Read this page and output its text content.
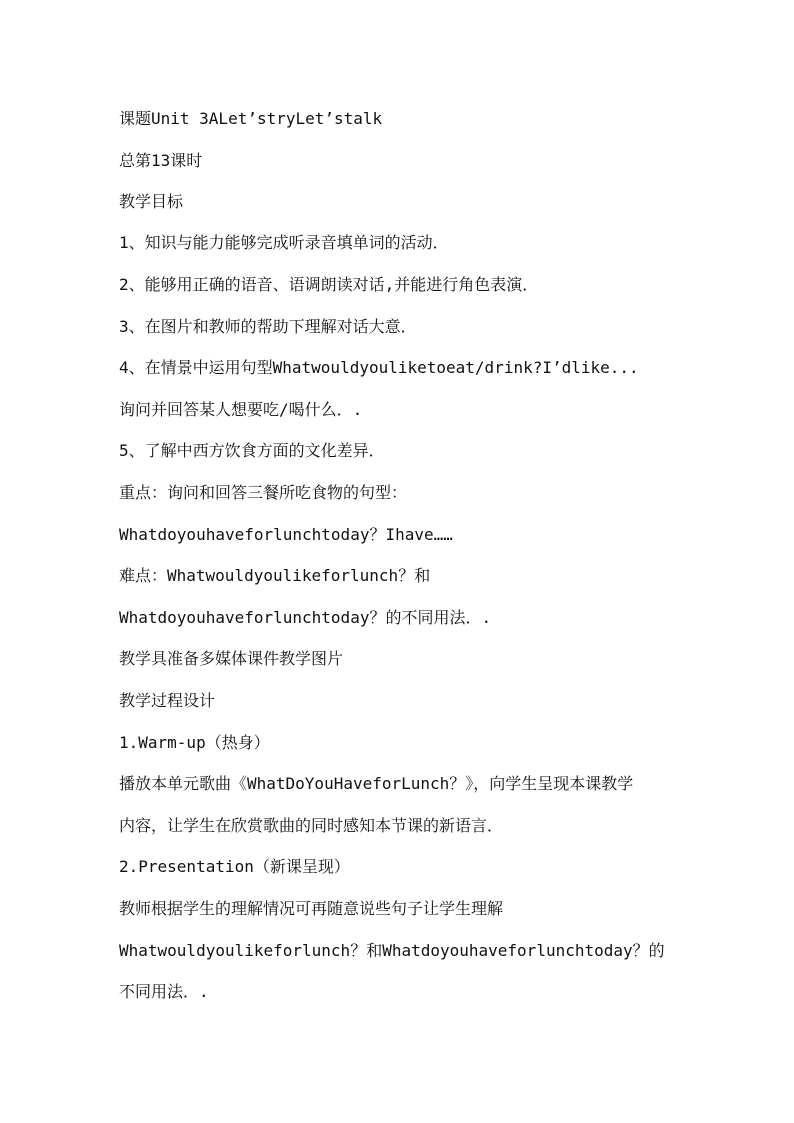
课题Unit 3ALet’stryLet’stalk
总第13课时
教学目标
1、知识与能力能够完成听录音填单词的活动．
2、能够用正确的语音、语调朗读对话,并能进行角色表演．
3、在图片和教师的帮助下理解对话大意．
4、在情景中运用句型Whatwouldyouliketoeat/drink?I’dlike...
询问并回答某人想要吃/喝什么．.
5、了解中西方饮食方面的文化差异．
重点：询问和回答三餐所吃食物的句型：
Whatdoyouhaveforlunchtoday？Ihave……
难点：Whatwouldyoulikeforlunch？和
Whatdoyouhaveforlunchtoday？的不同用法．.
教学具准备多媒体课件教学图片
教学过程设计
1.Warm-up（热身）
播放本单元歌曲《WhatDoYouHaveforLunch？》，向学生呈现本课教学
内容，让学生在欣赏歌曲的同时感知本节课的新语言．
2.Presentation（新课呈现）
教师根据学生的理解情况可再随意说些句子让学生理解
Whatwouldyoulikeforlunch？和Whatdoyouhaveforlunchtoday？的
不同用法．.
